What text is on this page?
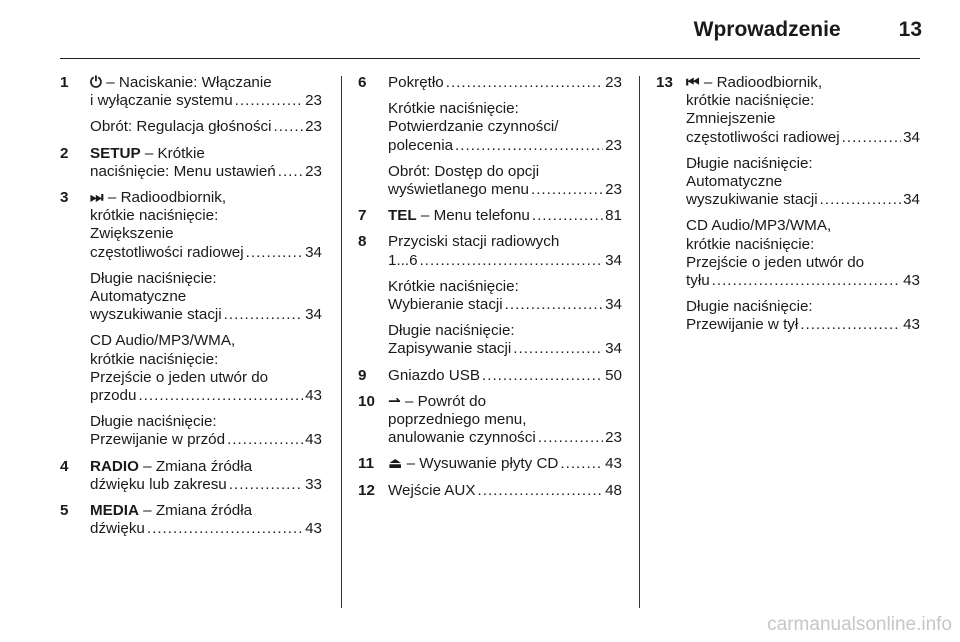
Wprowadzenie	13
1 ⏻ – Naciskanie: Włączanie
i wyłączanie systemu .....	23
Obrót: Regulacja głośności ..... 23
2 SETUP – Krótkie
naciśnięcie: Menu ustawień ..... 23
3 ⏭ – Radioodbiornik,
krótkie naciśnięcie:
Zwiększenie
częstotliwości radiowej .....	34
Długie naciśnięcie:
Automatyczne
wyszukiwanie stacji .....	34
CD Audio/MP3/WMA,
krótkie naciśnięcie:
Przejście o jeden utwór do
przodu .....	43
Długie naciśnięcie:
Przewijanie w przód .....	43
4 RADIO – Zmiana źródła
dźwięku lub zakresu .....	33
5 MEDIA – Zmiana źródła
dźwięku .....	43
6 Pokrętło .....	23
Krótkie naciśnięcie:
Potwierdzanie czynności/
polecenia .....	23
Obrót: Dostęp do opcji
wyświetlanego menu .....	23
7 TEL – Menu telefonu .....	81
8 Przyciski stacji radiowych
1...6 .....	34
Krótkie naciśnięcie:
Wybieranie stacji .....	34
Długie naciśnięcie:
Zapisywanie stacji .....	34
9 Gniazdo USB .....	50
10 ⇀ – Powrót do
poprzedniego menu,
anulowanie czynności .....	23
11 ⏏ – Wysuwanie płyty CD .....	43
12 Wejście AUX .....	48
13 ⏮ – Radioodbiornik,
krótkie naciśnięcie:
Zmniejszenie
częstotliwości radiowej .....	34
Długie naciśnięcie:
Automatyczne
wyszukiwanie stacji .....	34
CD Audio/MP3/WMA,
krótkie naciśnięcie:
Przejście o jeden utwór do
tyłu .....	43
Długie naciśnięcie:
Przewijanie w tył .....	43
carmanualsonline.info
